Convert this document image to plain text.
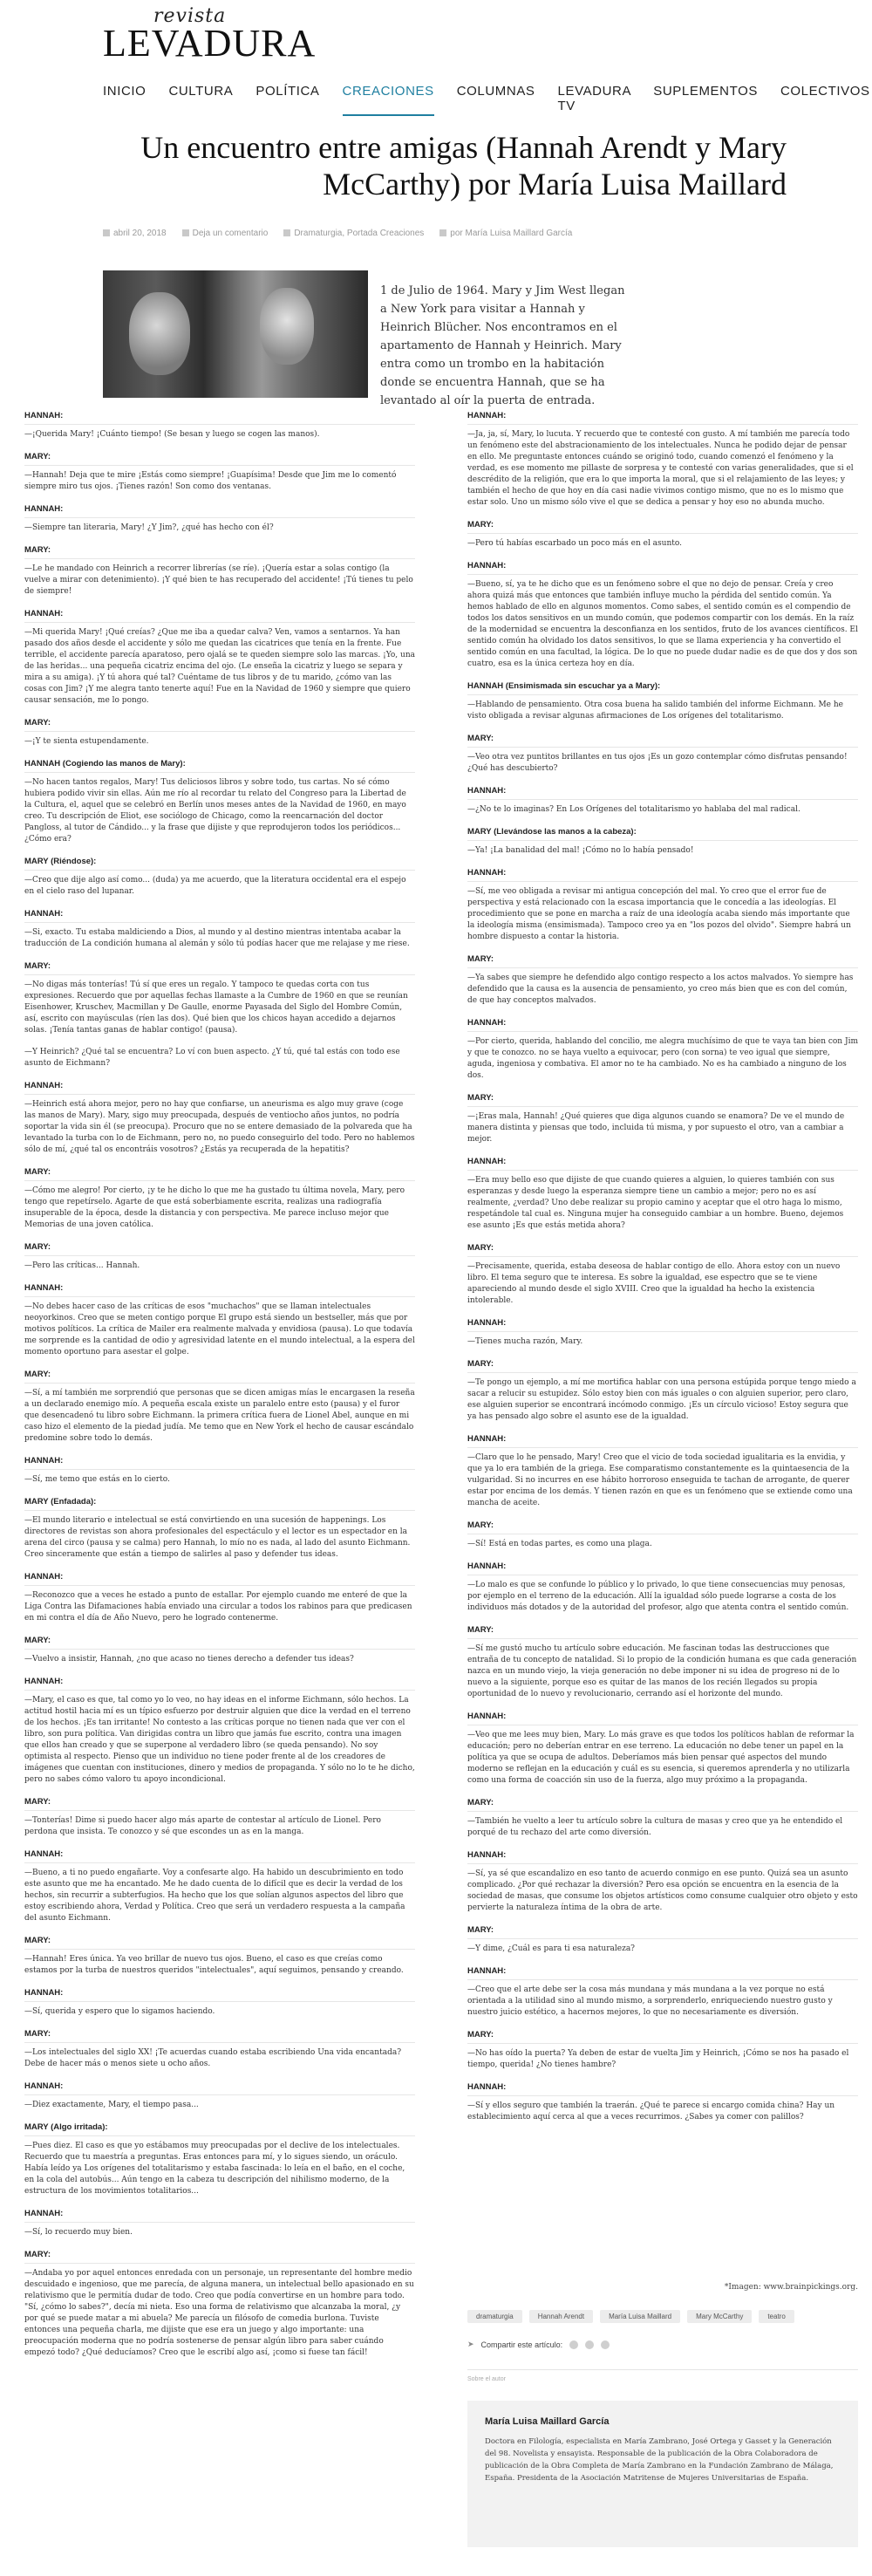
revista
LEVADURA
INICIO CULTURA POLÍTICA CREACIONES COLUMNAS LEVADURA TV
SUPLEMENTOS COLECTIVOS
Un encuentro entre amigas (Hannah Arendt y Mary McCarthy) por María Luisa Maillard
abril 20, 2018	Deja un comentario	Dramaturgia, Portada Creaciones	por María Luisa Maillard García

1 de Julio de 1964. Mary y Jim West llegan a New York para visitar a Hannah y Heinrich Blücher. Nos encontramos en el apartamento de Hannah y Heinrich. Mary entra como un trombo en la habitación donde se encuentra Hannah, que se ha levantado al oír la puerta de entrada.

HANNAH:

—¡Querida Mary! ¡Cuánto tiempo! (Se besan y luego se cogen las manos).

MARY:

—Hannah! Deja que te mire ¡Estás como siempre! ¡Guapísima! Desde que Jim me lo comentó siempre miro tus ojos. ¡Tienes razón! Son como dos ventanas.

HANNAH:

—Siempre tan literaria, Mary! ¿Y Jim?, ¿qué has hecho con él?

MARY:

—Le he mandado con Heinrich a recorrer librerías (se ríe). ¡Quería estar a solas contigo (la vuelve a mirar con detenimiento). ¡Y qué bien te has recuperado del accidente! ¡Tú tienes tu pelo de siempre!

HANNAH:

—Mi querida Mary! ¡Qué creías? ¿Que me iba a quedar calva? Ven, vamos a sentarnos. Ya han pasado dos años desde el accidente y sólo me quedan las cicatrices que tenía en la frente. Fue terrible, el accidente parecía aparatoso, pero ojalá se te queden siempre solo las marcas. ¡Yo, una de las heridas... una pequeña cicatriz encima del ojo. (Le enseña la cicatriz y luego se separa y mira a su amiga). ¡Y tú ahora qué tal? Cuéntame de tus libros y de tu marido, ¿cómo van las cosas con Jim? ¡Y me alegra tanto tenerte aquí! Fue en la Navidad de 1960 y siempre que quiero causar sensación, me lo pongo.

MARY:

—¡Y te sienta estupendamente.

HANNAH (Cogiendo las manos de Mary):

—No hacen tantos regalos, Mary! Tus deliciosos libros y sobre todo, tus cartas. No sé cómo hubiera podido vivir sin ellas. Aún me río al recordar tu relato del Congreso para la Libertad de la Cultura, el, aquel que se celebró en Berlín unos meses antes de la Navidad de 1960, en mayo creo. Tu descripción de Eliot, ese sociólogo de Chicago, como la reencarnación del doctor Pangloss, al tutor de Cándido... y la frase que dijiste y que reprodujeron todos los periódicos... ¿Cómo era?

MARY (Riéndose):

—Creo que dije algo así como... (duda) ya me acuerdo, que la literatura occidental era el espejo en el cielo raso del lupanar.

HANNAH:

—Si, exacto. Tu estaba maldiciendo a Dios, al mundo y al destino mientras intentaba acabar la traducción de La condición humana al alemán y sólo tú podías hacer que me relajase y me riese.

MARY:

—No digas más tonterías! Tú sí que eres un regalo. Y tampoco te quedas corta con tus expresiones. Recuerdo que por aquellas fechas llamaste a la Cumbre de 1960 en que se reunían Eisenhower, Kruschev, Macmillan y De Gaulle, enorme Payasada del Siglo del Hombre Común, así, escrito con mayúsculas (ríen las dos). Qué bien que los chicos hayan accedido a dejarnos solas. ¡Tenía tantas ganas de hablar contigo! (pausa).

—Y Heinrich? ¿Qué tal se encuentra? Lo ví con buen aspecto. ¿Y tú, qué tal estás con todo ese asunto de Eichmann?

HANNAH:

—Heinrich está ahora mejor, pero no hay que confiarse, un aneurisma es algo muy grave (coge las manos de Mary). Mary, sigo muy preocupada, después de ventiocho años juntos, no podría soportar la vida sin él (se preocupa). Procuro que no se entere demasiado de la polvareda que ha levantado la turba con lo de Eichmann, pero no, no puedo conseguirlo del todo. Pero no hablemos sólo de mí, ¿qué tal os encontráis vosotros? ¿Estás ya recuperada de la hepatitis?

MARY:

—Cómo me alegro! Por cierto, ¡y te he dicho lo que me ha gustado tu última novela, Mary, pero tengo que repetírselo. Agarte de que está soberbiamente escrita, realizas una radiografía insuperable de la época, desde la distancia y con perspectiva. Me parece incluso mejor que Memorias de una joven católica.

MARY:

—Pero las críticas... Hannah.

HANNAH:

—No debes hacer caso de las críticas de esos "muchachos" que se llaman intelectuales neoyorkinos. Creo que se meten contigo porque El grupo está siendo un bestseller, más que por motivos políticos. La crítica de Mailer era realmente malvada y envidiosa (pausa). Lo que todavía me sorprende es la cantidad de odio y agresividad latente en el mundo intelectual, a la espera del momento oportuno para asestar el golpe.

MARY:

—Sí, a mí también me sorprendió que personas que se dicen amigas mías le encargasen la reseña a un declarado enemigo mío. A pequeña escala existe un paralelo entre esto (pausa) y el furor que desencadenó tu libro sobre Eichmann. la primera crítica fuera de Lionel Abel, aunque en mi caso hizo el elemento de la piedad judía. Me temo que en New York el hecho de causar escándalo predomine sobre todo lo demás.

HANNAH:

—Sí, me temo que estás en lo cierto.

MARY (Enfadada):

—El mundo literario e intelectual se está convirtiendo en una sucesión de happenings. Los directores de revistas son ahora profesionales del espectáculo y el lector es un espectador en la arena del circo (pausa y se calma) pero Hannah, lo mío no es nada, al lado del asunto Eichmann. Creo sinceramente que están a tiempo de salirles al paso y defender tus ideas.

HANNAH:

—Reconozco que a veces he estado a punto de estallar. Por ejemplo cuando me enteré de que la Liga Contra las Difamaciones había enviado una circular a todos los rabinos para que predicasen en mi contra el día de Año Nuevo, pero he logrado contenerme.

MARY:

—Vuelvo a insistir, Hannah, ¿no que acaso no tienes derecho a defender tus ideas?

HANNAH:

—Mary, el caso es que, tal como yo lo veo, no hay ideas en el informe Eichmann, sólo hechos. La actitud hostil hacia mí es un típico esfuerzo por destruir alguien que dice la verdad en el terreno de los hechos. ¡Es tan irritante! No contesto a las críticas porque no tienen nada que ver con el libro, son pura política. Van dirigidas contra un libro que jamás fue escrito, contra una imagen que ellos han creado y que se superpone al verdadero libro (se queda pensando). No soy optimista al respecto. Pienso que un individuo no tiene poder frente al de los creadores de imágenes que cuentan con instituciones, dinero y medios de propaganda. Y sólo no lo te he dicho, pero no sabes cómo valoro tu apoyo incondicional.

MARY:

—Tonterías! Dime si puedo hacer algo más aparte de contestar al artículo de Lionel. Pero perdona que insista. Te conozco y sé que escondes un as en la manga.

HANNAH:

—Bueno, a ti no puedo engañarte. Voy a confesarte algo. Ha habido un descubrimiento en todo este asunto que me ha encantado. Me he dado cuenta de lo difícil que es decir la verdad de los hechos, sin recurrir a subterfugios. Ha hecho que los que solían algunos aspectos del libro que estoy escribiendo ahora, Verdad y Política. Creo que será un verdadero respuesta a la campaña del asunto Eichmann.

MARY:

—Hannah! Eres única. Ya veo brillar de nuevo tus ojos. Bueno, el caso es que creías como estamos por la turba de nuestros queridos "intelectuales", aquí seguimos, pensando y creando.

HANNAH:

—Sí, querida y espero que lo sigamos haciendo.

MARY:

—Los intelectuales del siglo XX! ¡Te acuerdas cuando estaba escribiendo Una vida encantada? Debe de hacer más o menos siete u ocho años.

HANNAH:

—Diez exactamente, Mary, el tiempo pasa...

MARY (Algo irritada):

—Pues diez. El caso es que yo estábamos muy preocupadas por el declive de los intelectuales. Recuerdo que tu maestría a preguntas. Eras entonces para mí, y lo sigues siendo, un oráculo. Había leído ya Los orígenes del totalitarismo y estaba fascinada: lo leía en el baño, en el coche, en la cola del autobús... Aún tengo en la cabeza tu descripción del nihilismo moderno, de la estructura de los movimientos totalitarios...

HANNAH:

—Sí, lo recuerdo muy bien.

MARY:

—Andaba yo por aquel entonces enredada con un personaje, un representante del hombre medio descuidado e ingenioso, que me parecía, de alguna manera, un intelectual bello apasionado en su relativismo que le permitía dudar de todo. Creo que podía convertirse en un hombre para todo. "Sí, ¿cómo lo sabes?", decía mi nieta. Eso una forma de relativismo que alcanzaba la moral, ¿y por qué se puede matar a mi abuela? Me parecía un filósofo de comedia burlona. Tuviste entonces una pequeña charla, me dijiste que ese era un juego y algo importante: una preocupación moderna que no podría sostenerse de pensar algún libro para saber cuándo empezó todo? ¿Qué deducíamos? Creo que le escribí algo así, ¡como si fuese tan fácil!

HANNAH:

—Ja, ja, sí, Mary, lo lucuta. Y recuerdo que te contesté con gusto. A mí también me parecía todo un fenómeno este del abstracionamiento de los intelectuales. Nunca he podido dejar de pensar en ello. Me preguntaste entonces cuándo se originó todo, cuando comenzó el fenómeno y la verdad, es ese momento me pillaste de sorpresa y te contesté con varias generalidades, que si el descrédito de la religión, que era lo que importa la moral, que si el relajamiento de las leyes; y también el hecho de que hoy en día casi nadie vivimos contigo mismo, que no es lo mismo que estar solo. Uno un mismo sólo vive el que se dedica a pensar y hoy eso no abunda mucho.

MARY:

—Pero tú habías escarbado un poco más en el asunto.

HANNAH:

—Bueno, sí, ya te he dicho que es un fenómeno sobre el que no dejo de pensar. Creía y creo ahora quizá más que entonces que también influye mucho la pérdida del sentido común. Ya hemos hablado de ello en algunos momentos. Como sabes, el sentido común es el compendio de todos los datos sensitivos en un mundo común, que podemos compartir con los demás. En la raíz de la modernidad se encuentra la desconfianza en los sentidos, fruto de los avances científicos. El sentido común ha olvidado los datos sensitivos, lo que se llama experiencia y ha convertido el sentido común en una facultad, la lógica. De lo que no puede dudar nadie es de que dos y dos son cuatro, esa es la única certeza hoy en día.

HANNAH (Ensimismada sin escuchar ya a Mary):

—Hablando de pensamiento. Otra cosa buena ha salido también del informe Eichmann. Me he visto obligada a revisar algunas afirmaciones de Los orígenes del totalitarismo.

MARY:

—Veo otra vez puntitos brillantes en tus ojos ¡Es un gozo contemplar cómo disfrutas pensando! ¿Qué has descubierto?

HANNAH:

—¿No te lo imaginas? En Los Orígenes del totalitarismo yo hablaba del mal radical.

MARY (Llevándose las manos a la cabeza):

—Ya! ¡La banalidad del mal! ¡Cómo no lo había pensado!

HANNAH:

—Sí, me veo obligada a revisar mi antigua concepción del mal. Yo creo que el error fue de perspectiva y está relacionado con la escasa importancia que le concedía a las ideologías. El procedimiento que se pone en marcha a raíz de una ideología acaba siendo más importante que la ideología misma (ensimismada). Tampoco creo ya en "los pozos del olvido". Siempre habrá un hombre dispuesto a contar la historia.

MARY:

—Ya sabes que siempre he defendido algo contigo respecto a los actos malvados. Yo siempre has defendido que la causa es la ausencia de pensamiento, yo creo más bien que es con del común, de que hay conceptos malvados.

HANNAH:

—Por cierto, querida, hablando del concilio, me alegra muchísimo de que te vaya tan bien con Jim y que te conozco. no se haya vuelto a equivocar, pero (con sorna) te veo igual que siempre, aguda, ingeniosa y combativa. El amor no te ha cambiado. No es ha cambiado a ninguno de los dos.

MARY:

—¡Eras mala, Hannah! ¿Qué quieres que diga algunos cuando se enamora? De ve el mundo de manera distinta y piensas que todo, incluida tú misma, y por supuesto el otro, van a cambiar a mejor.

HANNAH:

—Era muy bello eso que dijiste de que cuando quieres a alguien, lo quieres también con sus esperanzas y desde luego la esperanza siempre tiene un cambio a mejor; pero no es así realmente, ¿verdad? Uno debe realizar su propio camino y aceptar que el otro haga lo mismo, respetándole tal cual es. Ninguna mujer ha conseguido cambiar a un hombre. Bueno, dejemos ese asunto ¡Es que estás metida ahora?

MARY:

—Precisamente, querida, estaba deseosa de hablar contigo de ello. Ahora estoy con un nuevo libro. El tema seguro que te interesa. Es sobre la igualdad, ese espectro que se te viene apareciendo al mundo desde el siglo XVIII. Creo que la igualdad ha hecho la existencia intolerable.

HANNAH:

—Tienes mucha razón, Mary.

MARY:

—Te pongo un ejemplo, a mí me mortifica hablar con una persona estúpida porque tengo miedo a sacar a relucir su estupidez. Sólo estoy bien con más iguales o con alguien superior, pero claro, ese alguien superior se encontrará incómodo conmigo. ¡Es un círculo vicioso! Estoy segura que ya has pensado algo sobre el asunto ese de la igualdad.

HANNAH:

—Claro que lo he pensado, Mary! Creo que el vicio de toda sociedad igualitaria es la envidia, y que ya lo era también de la griega. Ese comparatismo constantemente es la quintaesencia de la vulgaridad. Si no incurres en ese hábito horroroso enseguida te tachan de arrogante, de querer estar por encima de los demás. Y tienen razón en que es un fenómeno que se extiende como una mancha de aceite.

MARY:

—Sí! Está en todas partes, es como una plaga.

HANNAH:

—Lo malo es que se confunde lo público y lo privado, lo que tiene consecuencias muy penosas, por ejemplo en el terreno de la educación. Allí la igualdad sólo puede lograrse a costa de los individuos más dotados y de la autoridad del profesor, algo que atenta contra el sentido común.

MARY:

—Sí me gustó mucho tu artículo sobre educación. Me fascinan todas las destrucciones que entraña de tu concepto de natalidad. Si lo propio de la condición humana es que cada generación nazca en un mundo viejo, la vieja generación no debe imponer ni su idea de progreso ni de lo nuevo a la siguiente, porque eso es quitar de las manos de los recién llegados su propia oportunidad de lo nuevo y revolucionario, cerrando así el horizonte del mundo.

HANNAH:

—Veo que me lees muy bien, Mary. Lo más grave es que todos los políticos hablan de reformar la educación; pero no deberían entrar en ese terreno. La educación no debe tener un papel en la política ya que se ocupa de adultos. Deberíamos más bien pensar qué aspectos del mundo moderno se reflejan en la educación y cuál es su esencia, si queremos aprenderla y no utilizarla como una forma de coacción sin uso de la fuerza, algo muy próximo a la propaganda.

MARY:

—También he vuelto a leer tu artículo sobre la cultura de masas y creo que ya he entendido el porqué de tu rechazo del arte como diversión.

HANNAH:

—Sí, ya sé que escandalizo en eso tanto de acuerdo conmigo en ese punto. Quizá sea un asunto complicado. ¿Por qué rechazar la diversión? Pero esa opción se encuentra en la esencia de la sociedad de masas, que consume los objetos artísticos como consume cualquier otro objeto y esto pervierte la naturaleza íntima de la obra de arte.

MARY:

—Y dime, ¿Cuál es para ti esa naturaleza?

HANNAH:

—Creo que el arte debe ser la cosa más mundana y más mundana a la vez porque no está orientada a la utilidad sino al mundo mismo, a sorprenderlo, enriqueciendo nuestro gusto y nuestro juicio estético, a hacernos mejores, lo que no necesariamente es diversión.

MARY:

—No has oído la puerta? Ya deben de estar de vuelta Jim y Heinrich, ¡Cómo se nos ha pasado el tiempo, querida! ¿No tienes hambre?

HANNAH:

—Sí y ellos seguro que también la traerán. ¿Qué te parece si encargo comida china? Hay un establecimiento aquí cerca al que a veces recurrimos. ¿Sabes ya comer con palillos?

*Imagen: www.brainpickings.org.
dramaturgia	Hannah Arendt	María Luisa Maillard	Mary McCarthy	teatro
➤ Compartir este artículo:
Sobre el autor
María Luisa Maillard García
Doctora en Filología, especialista en María Zambrano, José Ortega y Gasset y la Generación del 98. Novelista y ensayista. Responsable de la publicación de la Obra Colaboradora de publicación de la Obra Completa de María Zambrano en la Fundación Zambrano de Málaga, España. Presidenta de la Asociación Matritense de Mujeres Universitarias de España.
